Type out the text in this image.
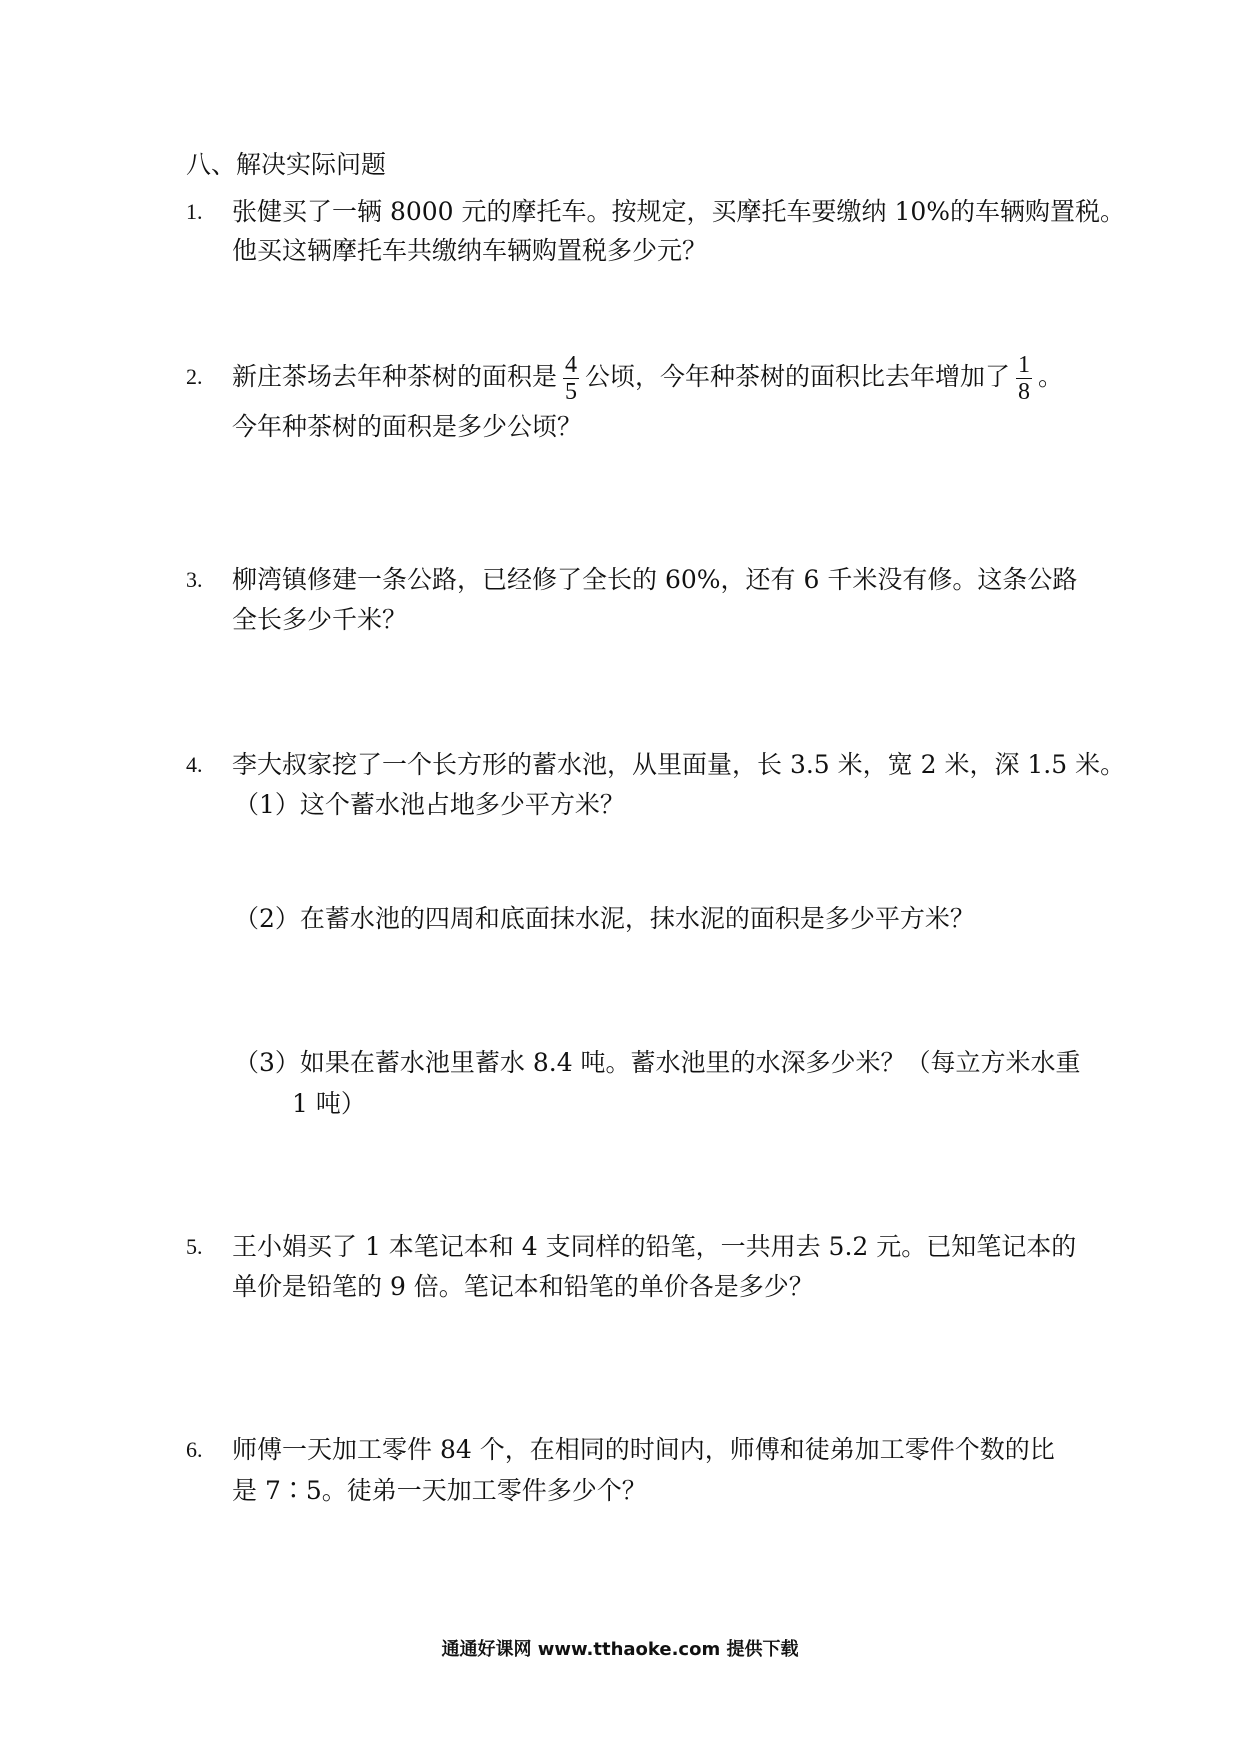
八、解决实际问题
1. 张健买了一辆 8000 元的摩托车。按规定，买摩托车要缴纳 10%的车辆购置税。
他买这辆摩托车共缴纳车辆购置税多少元？
2. 新庄茶场去年种茶树的面积是 $\frac{4}{5}$ 公顷，今年种茶树的面积比去年增加了 $\frac{1}{8}$ 。
今年种茶树的面积是多少公顷？
3. 柳湾镇修建一条公路，已经修了全长的 60%，还有 6 千米没有修。这条公路
全长多少千米？
4. 李大叔家挖了一个长方形的蓄水池，从里面量，长 3.5 米，宽 2 米，深 1.5 米。
（1）这个蓄水池占地多少平方米？
（2）在蓄水池的四周和底面抹水泥，抹水泥的面积是多少平方米？
（3）如果在蓄水池里蓄水 8.4 吨。蓄水池里的水深多少米？（每立方米水重
1 吨）
5. 王小娟买了 1 本笔记本和 4 支同样的铅笔，一共用去 5.2 元。已知笔记本的
单价是铅笔的 9 倍。笔记本和铅笔的单价各是多少？
6. 师傅一天加工零件 84 个，在相同的时间内，师傅和徒弟加工零件个数的比
是 7∶5。徒弟一天加工零件多少个？
通通好课网 www.tthaoke.com 提供下载
